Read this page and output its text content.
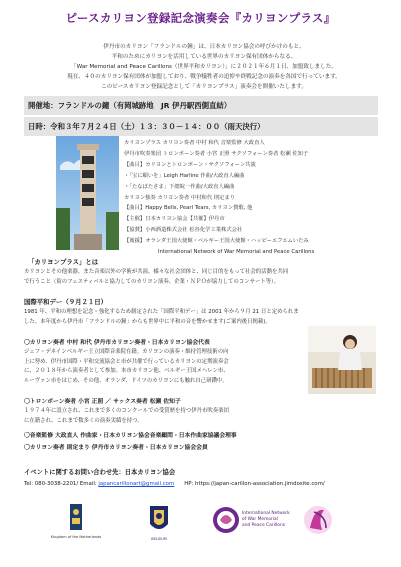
ピースカリヨン登録記念演奏会『カリヨンプラス』
伊丹市のカリヨン「フランドルの鐘」は、日本カリヨン協会の呼びかけのもと、
平和のためにカリヨンを活用している世界のカリヨン保有団体からなる、
「War Memorial and Peace Carillons（世界平和カリヨン）」に２０２１年６月１日、加盟致しました。
現在、４０のカリヨン保有団体が加盟しており、戦争犠牲者の追悼や終戦記念の演奏を各国で行っています。
このピースカリヨン登録記念として「カリヨンプラス」演奏会を開催いたします。
開催地：フランドルの鐘（有岡城跡地　JR 伊丹駅西側直結）
日時：令和３年７月２４日（土）１３：３０－１４：００（雨天決行）
カリヨンプラス カリヨン奏者 中村 和代 音楽監修 大政直人
伊丹市吹奏楽団 トロンボーン奏者 小宮 正照 サクソフォーン奏者 松瀬 佐知子
【曲目】カリヨンとトロンボーン・サクソフォーン共演
・「宝に願いを」Leigh Harline 作曲/大政直人編曲
・「たなばたさま」下總皖一作曲/大政直人編曲
カリヨン独奏 カリヨン奏者 中村和代 則定まり
【曲目】Happy Bells, Pearl Tears, カリヨン賛歌, 他
【主催】日本カリヨン協会【共催】伊丹市
【協賛】小西酒造株式会社 松谷化学工業株式会社
【後援】オランダ王国大使館・ベルギー王国大使館・ハッピーエフエムいたみ
International Network of War Memorial and Peace Carillons
「カリヨンプラス」とは
カリヨンとその他楽器、また音楽以外の学術が共演、様々な社会団体と、同じ目的をもって社会的活動を共同
で行うこと（街のフェスティバルと協力してのカリヨン演奏、企業・ＮＰＯが協力してのコンサート等）。
国際平和デー（９月２１日）
1981 年、平和の理想を記念・強化するため制定された「国際平和デー」は 2001 年から９月 21 日と定められま
した。本年度から伊丹市「フランドルの鐘」からも世界中に平和の音を響かせます(ご案内後日掲載)。
〇カリヨン奏者 中村 和代 伊丹市カリヨン奏者・日本カリヨン協会代表
ジェフ・デネインベルギー王立国際音楽院在籍。カリヨンの演奏・維持管理技術の向
上に努め、伊丹市国際・平和交流協会と市が共催で行っているカリヨンの定期演奏会
に、２０１８年から演奏者として参加。本市カリヨン他、ベルギー王国メヘレン市、
ルーヴァン市をはじめ、その他、オランダ、ドイツのカリヨンにも触れ自己研鑽中。
〇トロンボーン奏者 小宮 正照 ／ サックス奏者 松瀬 佐知子
１９７４年に設立され、これまで多くのコンクールでの受賞歴を持つ伊丹市吹奏楽団
に在籍され、これまで数多くの演奏実績を持つ。
〇音楽監修 大政直人 作曲家・日本カリヨン協会音楽顧問・日本作曲家協議会理事
〇カリヨン奏者 則定まり 伊丹市カリヨン奏者・日本カリヨン協会会員
イベントに関するお問い合わせ先：日本カリヨン協会
Tel: 080-3038-2201/ Email: japancarillonart@gmail.com HP: https://japan-carillon-association.jimdosite.com/
Kingdom of the Netherlands	BELGIUM
International Network
of War Memorial
and Peace Carillons
